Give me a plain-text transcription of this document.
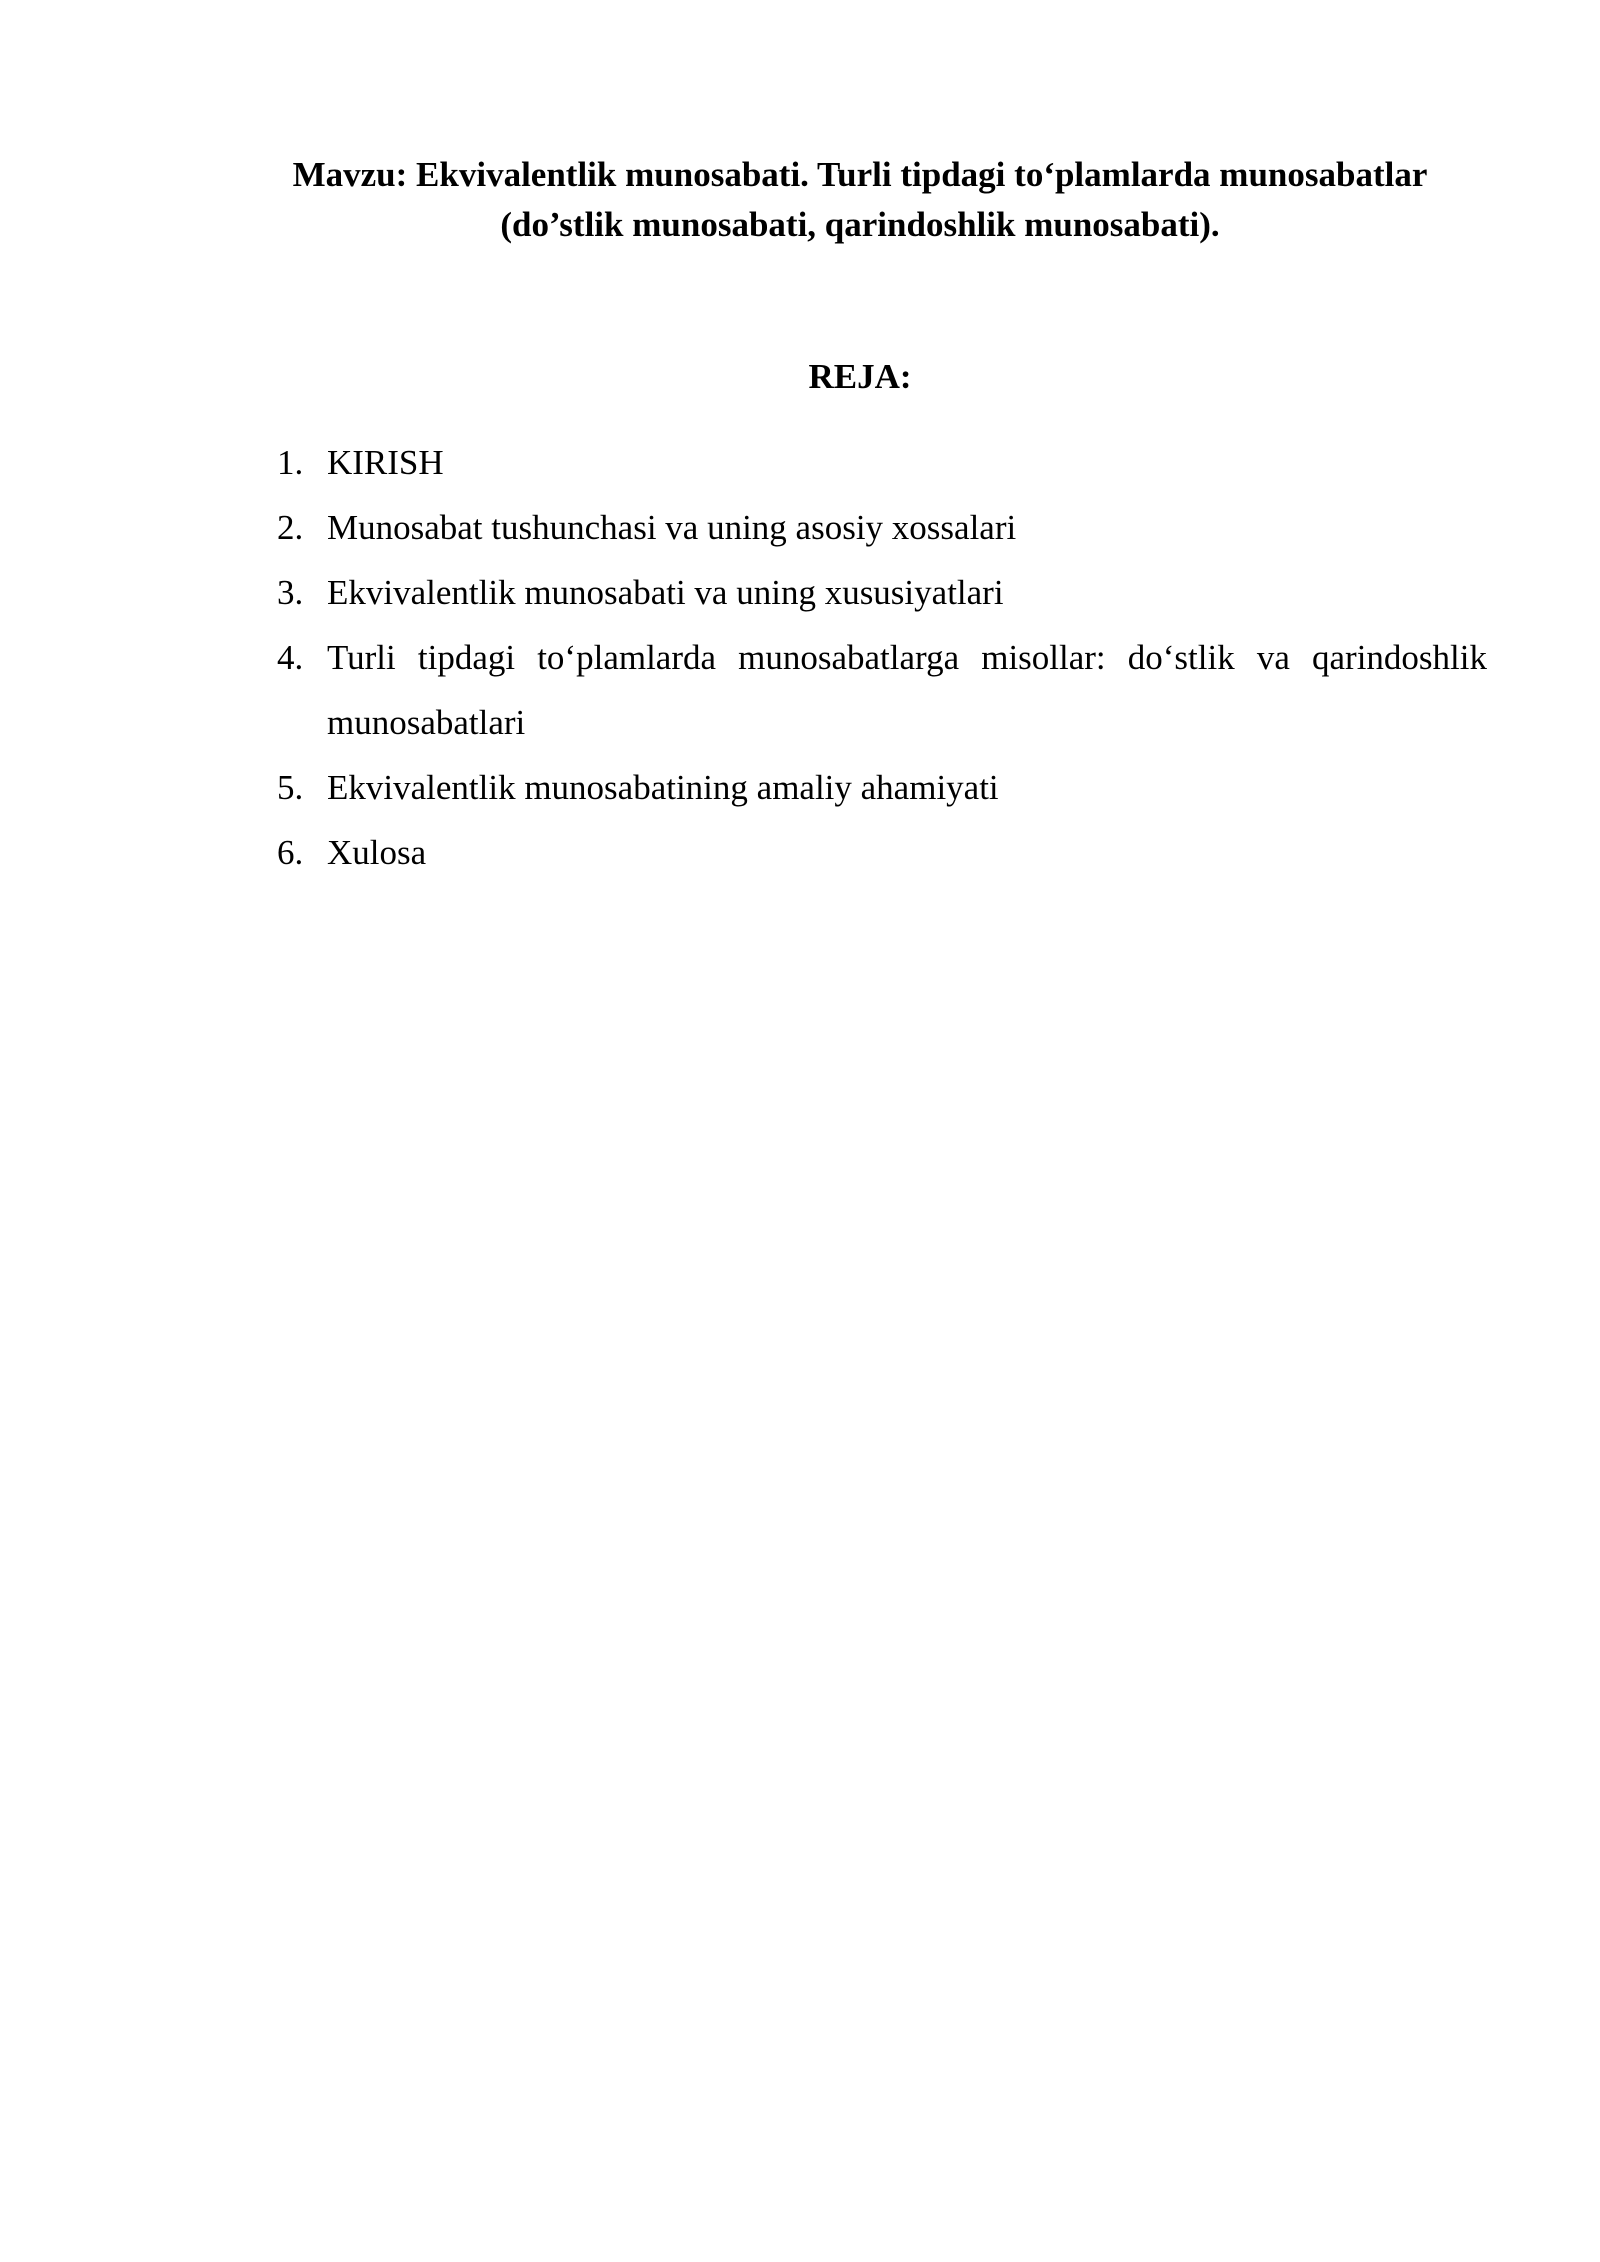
Mavzu: Ekvivalentlik munosabati. Turli tipdagi to‘plamlarda munosabatlar
(do’stlik munosabati, qarindoshlik munosabati).
REJA:
1. KIRISH
2. Munosabat tushunchasi va uning asosiy xossalari
3. Ekvivalentlik munosabati va uning xususiyatlari
4. Turli tipdagi to‘plamlarda munosabatlarga misollar: do‘stlik va qarindoshlik munosabatlari
5. Ekvivalentlik munosabatining amaliy ahamiyati
6. Xulosa
